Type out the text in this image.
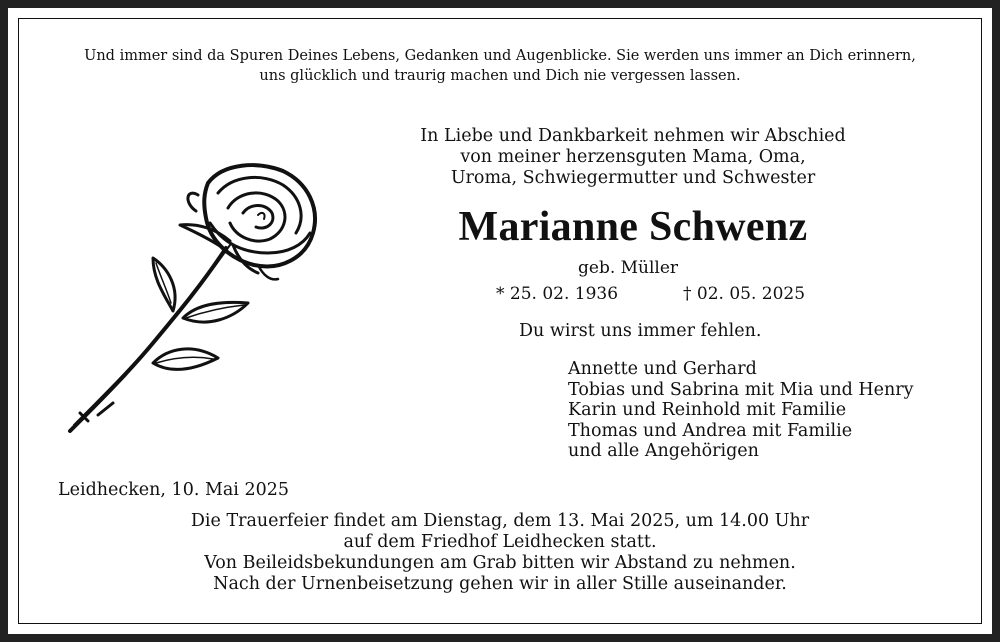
Und immer sind da Spuren Deines Lebens, Gedanken und Augenblicke. Sie werden uns immer an Dich erinnern,
uns glücklich und traurig machen und Dich nie vergessen lassen.
In Liebe und Dankbarkeit nehmen wir Abschied
von meiner herzensguten Mama, Oma,
Uroma, Schwiegermutter und Schwester
Marianne Schwenz
geb. Müller
* 25. 02. 1936	† 02. 05. 2025
Du wirst uns immer fehlen.
Annette und Gerhard
Tobias und Sabrina mit Mia und Henry
Karin und Reinhold mit Familie
Thomas und Andrea mit Familie
und alle Angehörigen
Leidhecken, 10. Mai 2025
Die Trauerfeier findet am Dienstag, dem 13. Mai 2025, um 14.00 Uhr
auf dem Friedhof Leidhecken statt.
Von Beileidsbekundungen am Grab bitten wir Abstand zu nehmen.
Nach der Urnenbeisetzung gehen wir in aller Stille auseinander.
